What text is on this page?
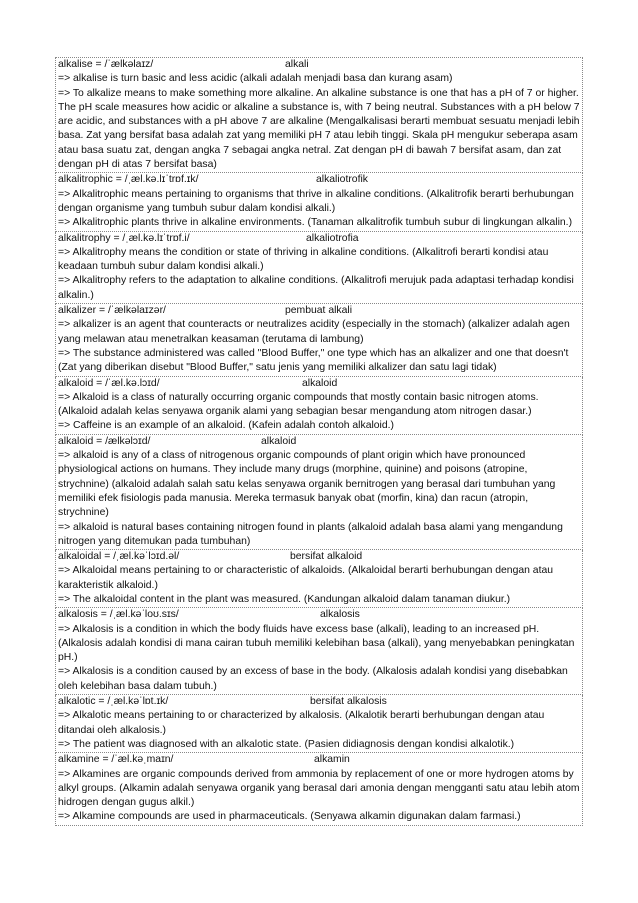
alkalise = /ˈælkəlaɪz/	alkali

=> alkalise is turn basic and less acidic (alkali adalah menjadi basa dan kurang asam)

=> To alkalize means to make something more alkaline. An alkaline substance is one that has a pH of 7 or higher. The pH scale measures how acidic or alkaline a substance is, with 7 being neutral. Substances with a pH below 7 are acidic, and substances with a pH above 7 are alkaline (Mengalkalisasi berarti membuat sesuatu menjadi lebih basa. Zat yang bersifat basa adalah zat yang memiliki pH 7 atau lebih tinggi. Skala pH mengukur seberapa asam atau basa suatu zat, dengan angka 7 sebagai angka netral. Zat dengan pH di bawah 7 bersifat asam, dan zat dengan pH di atas 7 bersifat basa)

alkalitrophic = /ˌæl.kə.lɪˈtrɒf.ɪk/	alkaliotrofik

=> Alkalitrophic means pertaining to organisms that thrive in alkaline conditions. (Alkalitrofik berarti berhubungan dengan organisme yang tumbuh subur dalam kondisi alkali.)

=> Alkalitrophic plants thrive in alkaline environments. (Tanaman alkalitrofik tumbuh subur di lingkungan alkalin.)

alkalitrophy = /ˌæl.kə.lɪˈtrɒf.i/	alkaliotrofia

=> Alkalitrophy means the condition or state of thriving in alkaline conditions. (Alkalitrofi berarti kondisi atau keadaan tumbuh subur dalam kondisi alkali.)

=> Alkalitrophy refers to the adaptation to alkaline conditions. (Alkalitrofi merujuk pada adaptasi terhadap kondisi alkalin.)

alkalizer = /ˈælkəlaɪzər/	pembuat alkali

=> alkalizer is an agent that counteracts or neutralizes acidity (especially in the stomach) (alkalizer adalah agen yang melawan atau menetralkan keasaman (terutama di lambung)

=> The substance administered was called "Blood Buffer," one type which has an alkalizer and one that doesn't (Zat yang diberikan disebut "Blood Buffer," satu jenis yang memiliki alkalizer dan satu lagi tidak)

alkaloid = /ˈæl.kə.lɔɪd/	alkaloid

=> Alkaloid is a class of naturally occurring organic compounds that mostly contain basic nitrogen atoms. (Alkaloid adalah kelas senyawa organik alami yang sebagian besar mengandung atom nitrogen dasar.)

=> Caffeine is an example of an alkaloid. (Kafein adalah contoh alkaloid.)

alkaloid = /ælkəlɔɪd/	alkaloid

=> alkaloid is any of a class of nitrogenous organic compounds of plant origin which have pronounced physiological actions on humans. They include many drugs (morphine, quinine) and poisons (atropine, strychnine) (alkaloid adalah salah satu kelas senyawa organik bernitrogen yang berasal dari tumbuhan yang memiliki efek fisiologis pada manusia. Mereka termasuk banyak obat (morfin, kina) dan racun (atropin, strychnine)

=> alkaloid is natural bases containing nitrogen found in plants (alkaloid adalah basa alami yang mengandung nitrogen yang ditemukan pada tumbuhan)

alkaloidal = /ˌæl.kəˈlɔɪd.əl/	bersifat alkaloid

=> Alkaloidal means pertaining to or characteristic of alkaloids. (Alkaloidal berarti berhubungan dengan atau karakteristik alkaloid.)

=> The alkaloidal content in the plant was measured. (Kandungan alkaloid dalam tanaman diukur.)

alkalosis = /ˌæl.kəˈloʊ.sɪs/	alkalosis

=> Alkalosis is a condition in which the body fluids have excess base (alkali), leading to an increased pH. (Alkalosis adalah kondisi di mana cairan tubuh memiliki kelebihan basa (alkali), yang menyebabkan peningkatan pH.)

=> Alkalosis is a condition caused by an excess of base in the body. (Alkalosis adalah kondisi yang disebabkan oleh kelebihan basa dalam tubuh.)

alkalotic = /ˌæl.kəˈlɒt.ɪk/	bersifat alkalosis

=> Alkalotic means pertaining to or characterized by alkalosis. (Alkalotik berarti berhubungan dengan atau ditandai oleh alkalosis.)

=> The patient was diagnosed with an alkalotic state. (Pasien didiagnosis dengan kondisi alkalotik.)

alkamine = /ˈæl.kəˌmaɪn/	alkamin

=> Alkamines are organic compounds derived from ammonia by replacement of one or more hydrogen atoms by alkyl groups. (Alkamin adalah senyawa organik yang berasal dari amonia dengan mengganti satu atau lebih atom hidrogen dengan gugus alkil.)

=> Alkamine compounds are used in pharmaceuticals. (Senyawa alkamin digunakan dalam farmasi.)
